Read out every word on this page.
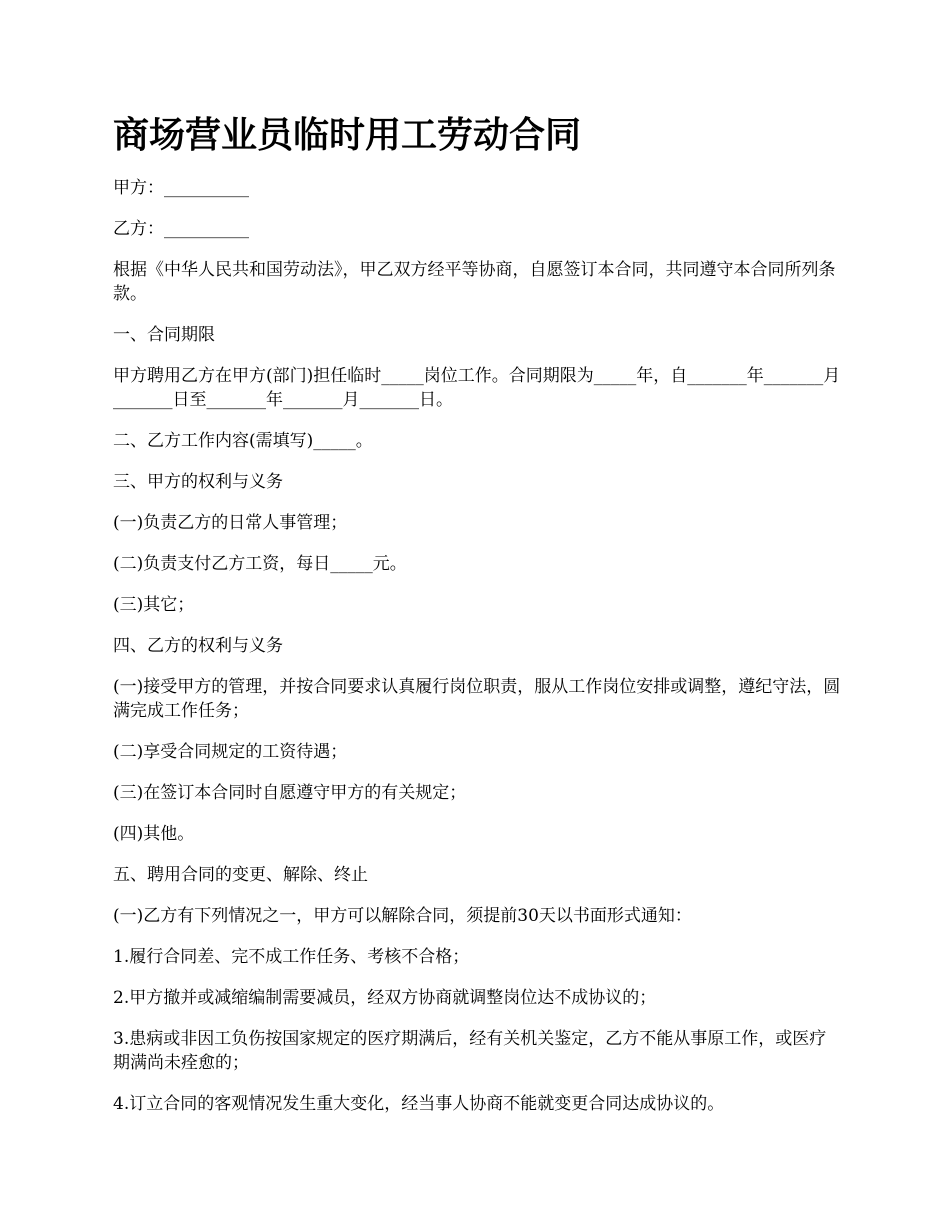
商场营业员临时用工劳动合同

甲方：__________

乙方：__________

根据《中华人民共和国劳动法》，甲乙双方经平等协商，自愿签订本合同，共同遵守本合同所列条款。

一、合同期限

甲方聘用乙方在甲方(部门)担任临时_____岗位工作。合同期限为_____年，自_______年_______月_______日至_______年_______月_______日。

二、乙方工作内容(需填写)_____。

三、甲方的权利与义务

(一)负责乙方的日常人事管理；

(二)负责支付乙方工资，每日_____元。

(三)其它；

四、乙方的权利与义务

(一)接受甲方的管理，并按合同要求认真履行岗位职责，服从工作岗位安排或调整，遵纪守法，圆满完成工作任务；

(二)享受合同规定的工资待遇；

(三)在签订本合同时自愿遵守甲方的有关规定；

(四)其他。

五、聘用合同的变更、解除、终止

(一)乙方有下列情况之一，甲方可以解除合同，须提前30天以书面形式通知：

1.履行合同差、完不成工作任务、考核不合格；

2.甲方撤并或减缩编制需要减员，经双方协商就调整岗位达不成协议的；

3.患病或非因工负伤按国家规定的医疗期满后，经有关机关鉴定，乙方不能从事原工作，或医疗期满尚未痊愈的；

4.订立合同的客观情况发生重大变化，经当事人协商不能就变更合同达成协议的。
